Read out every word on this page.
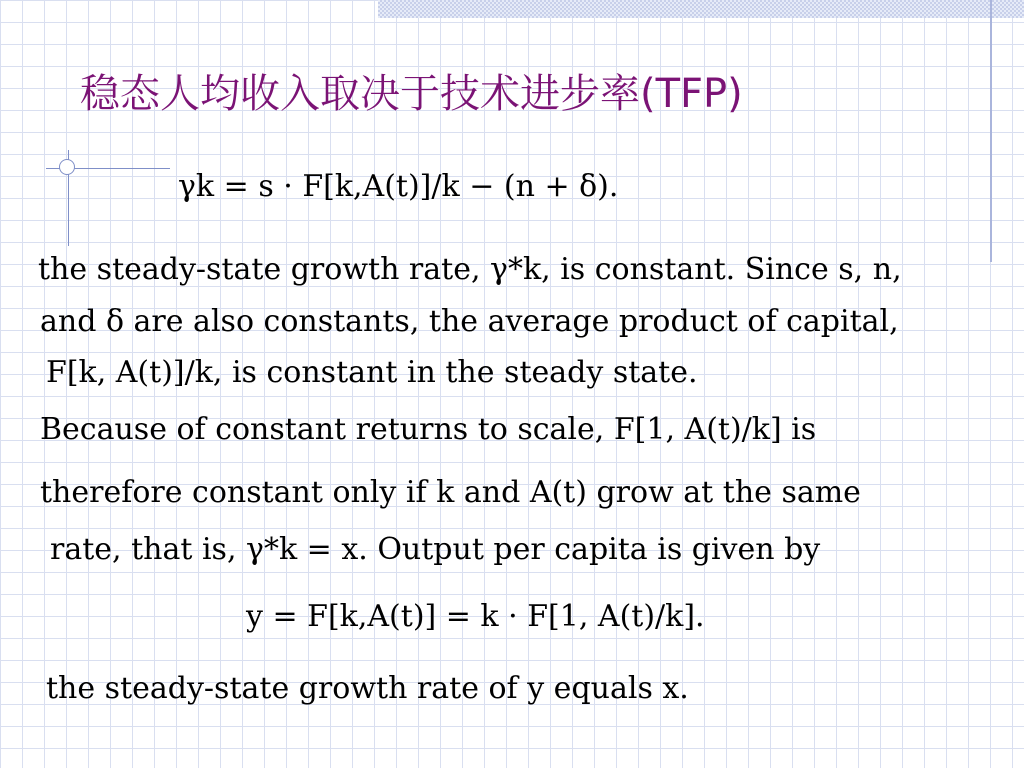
稳态人均收入取决于技术进步率(TFP)

γk = s · F[k,A(t)]/k − (n + δ).

the steady-state growth rate, γ*k, is constant. Since s, n,

and δ are also constants, the average product of capital,

F[k, A(t)]/k, is constant in the steady state.

Because of constant returns to scale, F[1, A(t)/k] is

therefore constant only if k and A(t) grow at the same

rate, that is, γ*k = x. Output per capita is given by

y = F[k,A(t)] = k · F[1, A(t)/k].

the steady-state growth rate of y equals x.
